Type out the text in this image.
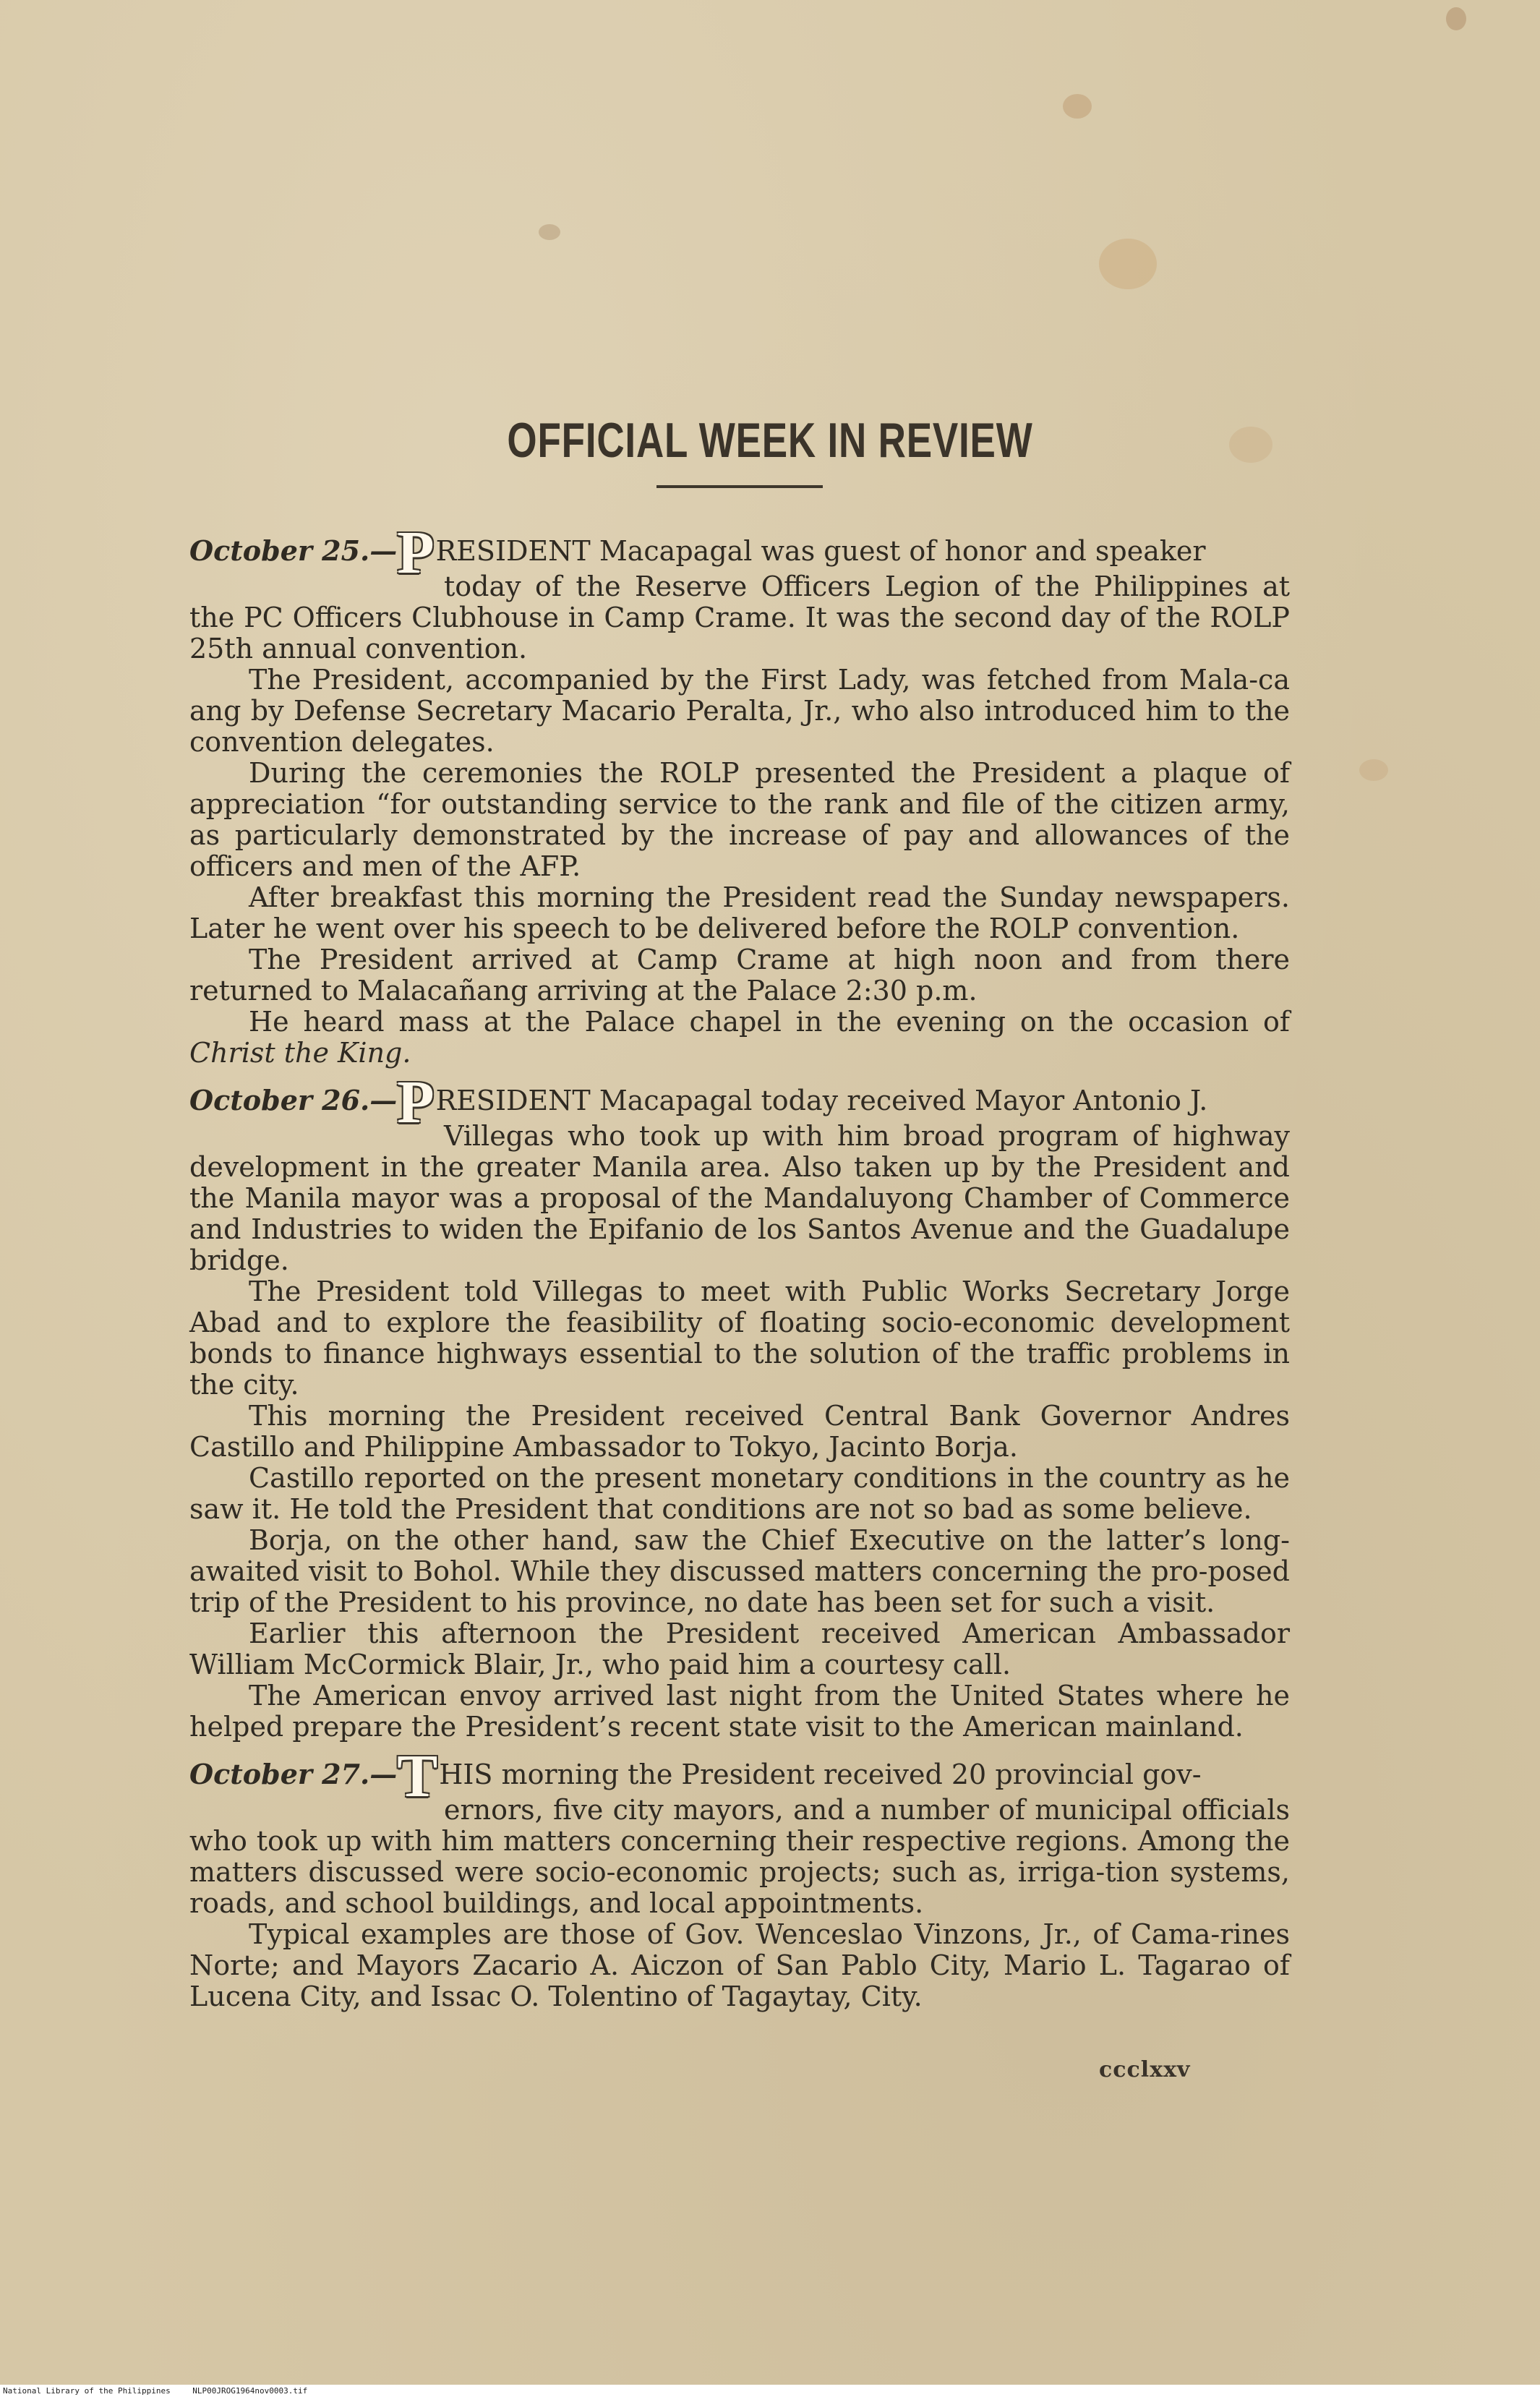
OFFICIAL WEEK IN REVIEW

October 25.—PRESIDENT Macapagal was guest of honor and speaker
today of the Reserve Officers Legion of the Philippines at the PC Officers Clubhouse in Camp Crame. It was the second day of the ROLP 25th annual convention.

The President, accompanied by the First Lady, was fetched from Mala-ca ang by Defense Secretary Macario Peralta, Jr., who also introduced him to the convention delegates.

During the ceremonies the ROLP presented the President a plaque of appreciation “for outstanding service to the rank and file of the citizen army, as particularly demonstrated by the increase of pay and allowances of the officers and men of the AFP.

After breakfast this morning the President read the Sunday newspapers. Later he went over his speech to be delivered before the ROLP convention.

The President arrived at Camp Crame at high noon and from there returned to Malacañang arriving at the Palace 2:30 p.m.

He heard mass at the Palace chapel in the evening on the occasion of Christ the King.

October 26.—PRESIDENT Macapagal today received Mayor Antonio J.
Villegas who took up with him broad program of highway development in the greater Manila area. Also taken up by the President and the Manila mayor was a proposal of the Mandaluyong Chamber of Commerce and Industries to widen the Epifanio de los Santos Avenue and the Guadalupe bridge.

The President told Villegas to meet with Public Works Secretary Jorge Abad and to explore the feasibility of floating socio-economic development bonds to finance highways essential to the solution of the traffic problems in the city.

This morning the President received Central Bank Governor Andres Castillo and Philippine Ambassador to Tokyo, Jacinto Borja.

Castillo reported on the present monetary conditions in the country as he saw it. He told the President that conditions are not so bad as some believe.

Borja, on the other hand, saw the Chief Executive on the latter’s long-awaited visit to Bohol. While they discussed matters concerning the pro-posed trip of the President to his province, no date has been set for such a visit.

Earlier this afternoon the President received American Ambassador William McCormick Blair, Jr., who paid him a courtesy call.

The American envoy arrived last night from the United States where he helped prepare the President’s recent state visit to the American mainland.

October 27.—THIS morning the President received 20 provincial gov-
ernors, five city mayors, and a number of municipal officials who took up with him matters concerning their respective regions. Among the matters discussed were socio-economic projects; such as, irriga-tion systems, roads, and school buildings, and local appointments.

Typical examples are those of Gov. Wenceslao Vinzons, Jr., of Cama-rines Norte; and Mayors Zacario A. Aiczon of San Pablo City, Mario L. Tagarao of Lucena City, and Issac O. Tolentino of Tagaytay, City.

ccclxxv
National Library of the Philippines	NLP00JROG1964nov0003.tif
